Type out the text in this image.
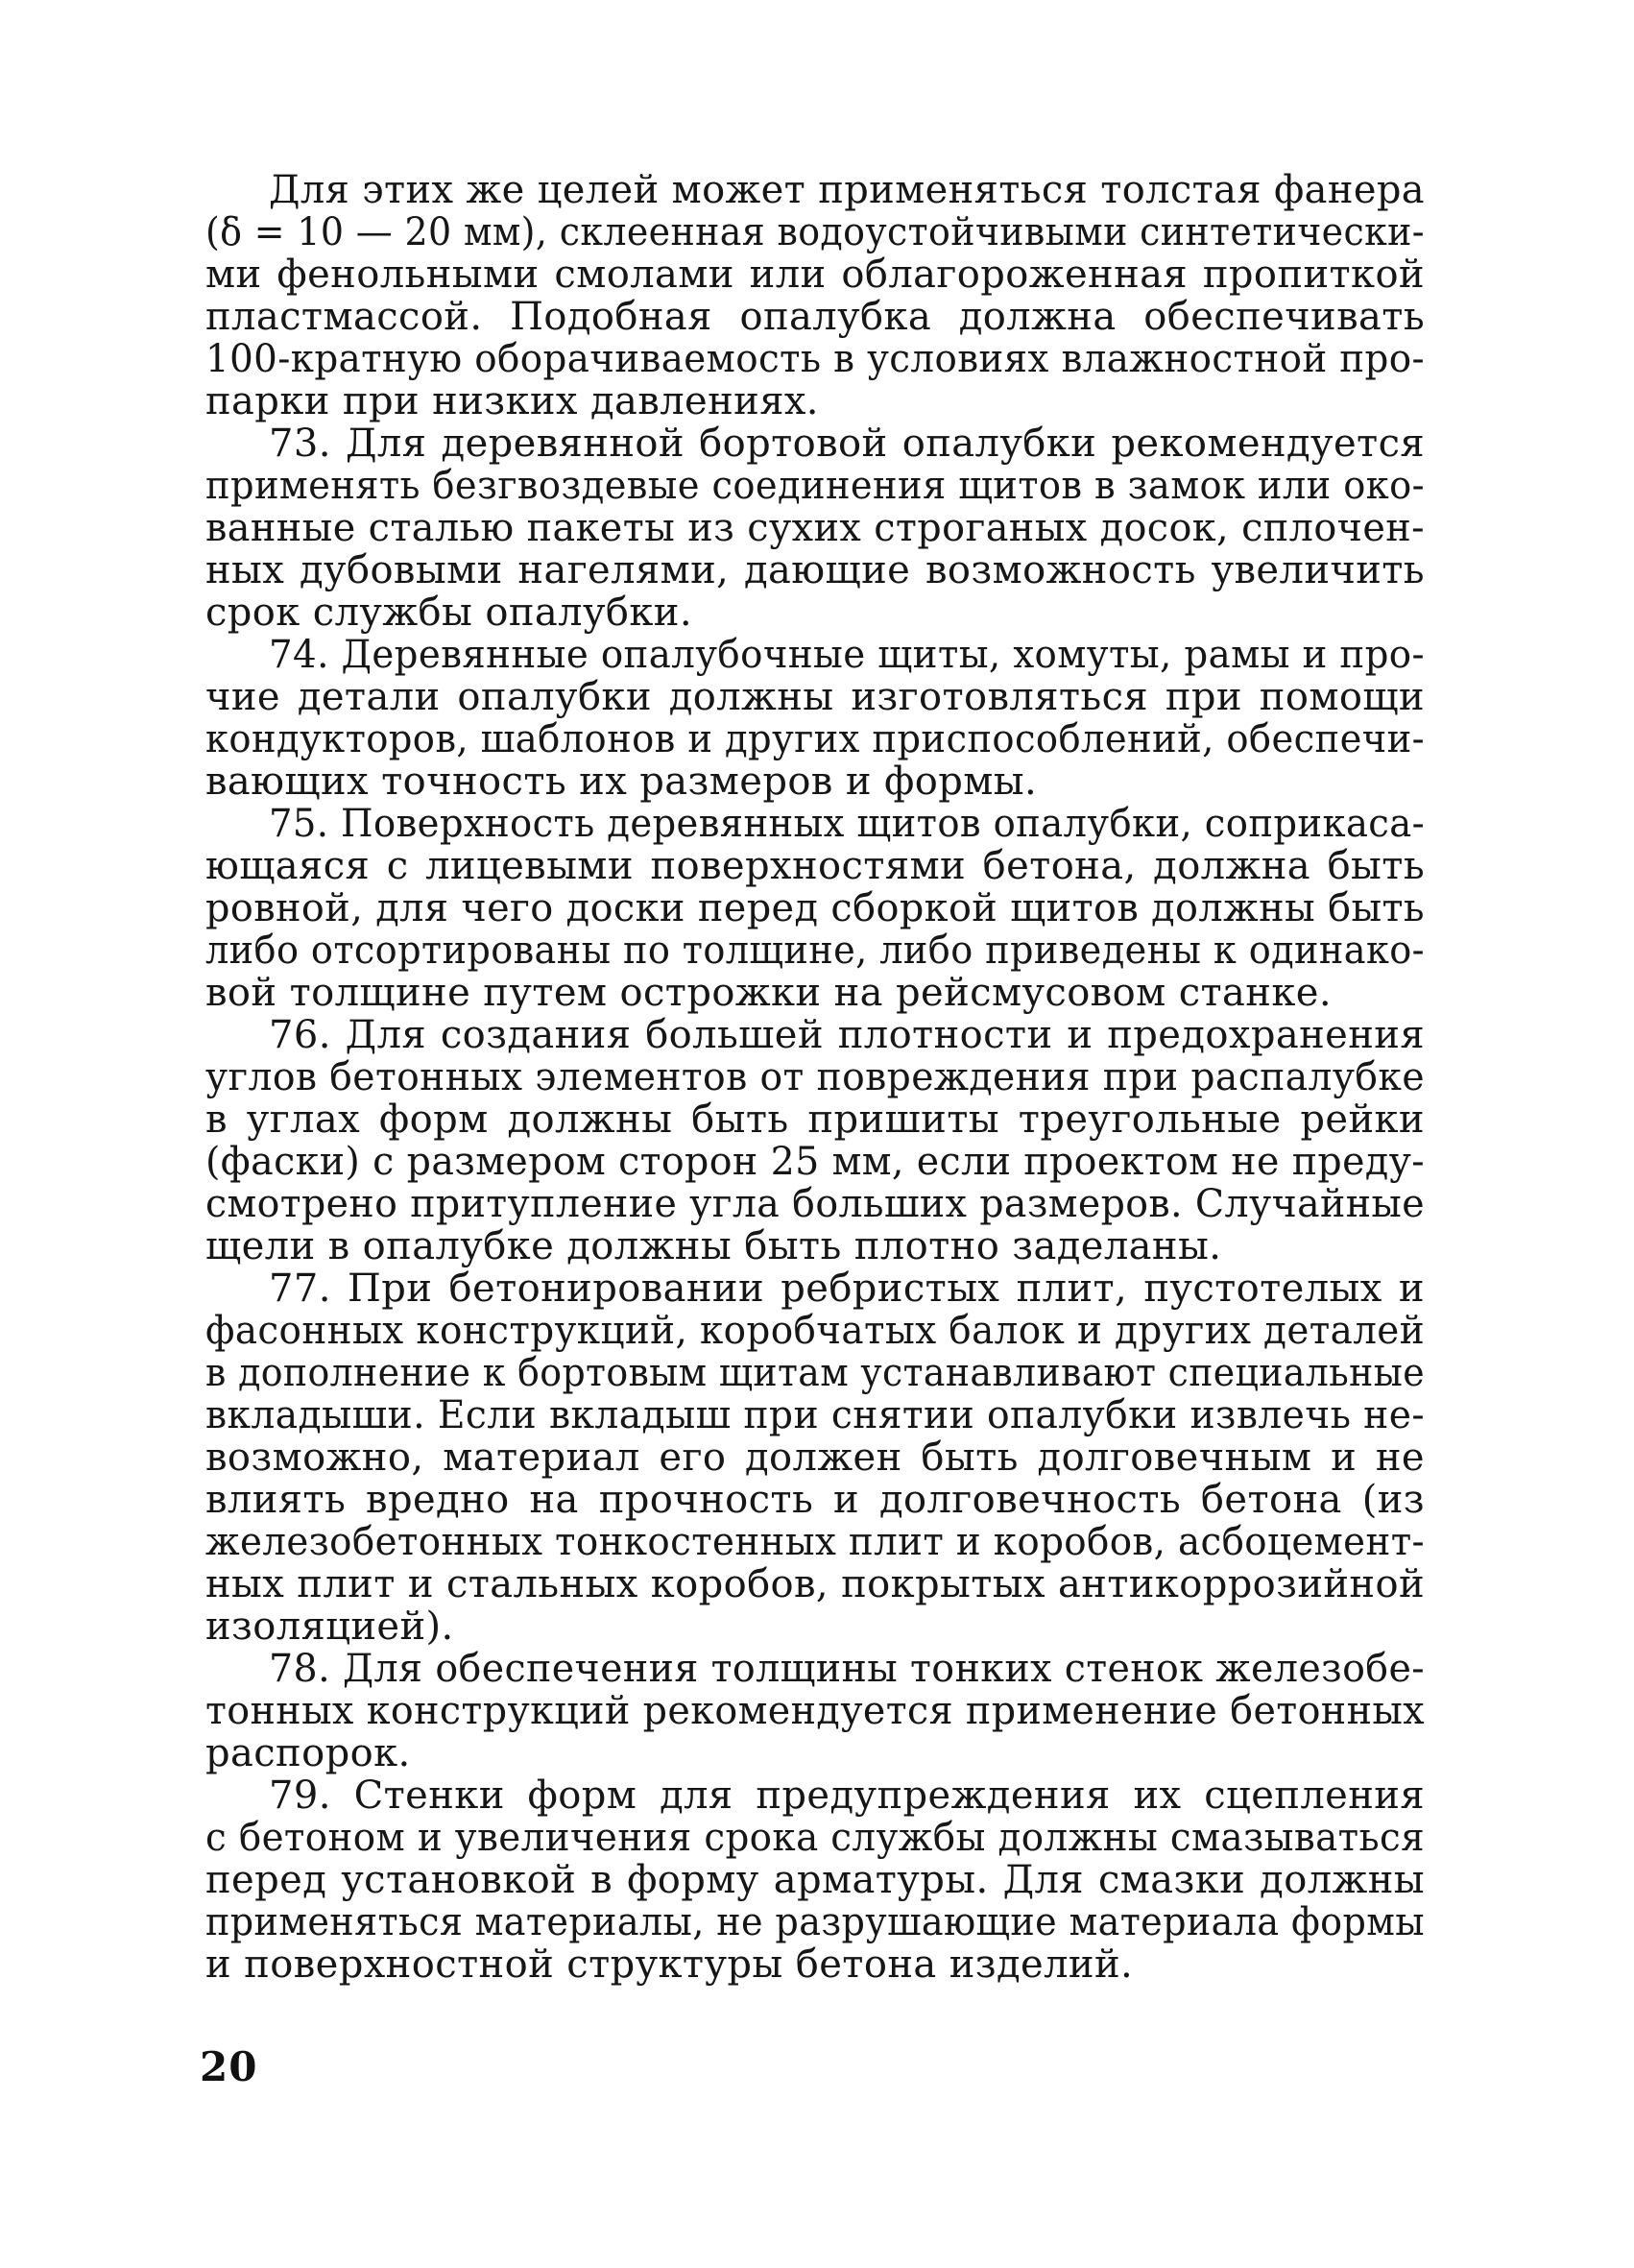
Для этих же целей может применяться толстая фанера
(δ = 10 — 20 мм), склеенная водоустойчивыми синтетически-
ми фенольными смолами или облагороженная пропиткой
пластмассой. Подобная опалубка должна обеспечивать
100-кратную оборачиваемость в условиях влажностной про-
парки при низких давлениях.
73. Для деревянной бортовой опалубки рекомендуется
применять безгвоздевые соединения щитов в замок или око-
ванные сталью пакеты из сухих строганых досок, сплочен-
ных дубовыми нагелями, дающие возможность увеличить
срок службы опалубки.
74. Деревянные опалубочные щиты, хомуты, рамы и про-
чие детали опалубки должны изготовляться при помощи
кондукторов, шаблонов и других приспособлений, обеспечи-
вающих точность их размеров и формы.
75. Поверхность деревянных щитов опалубки, соприкаса-
ющаяся с лицевыми поверхностями бетона, должна быть
ровной, для чего доски перед сборкой щитов должны быть
либо отсортированы по толщине, либо приведены к одинако-
вой толщине путем острожки на рейсмусовом станке.
76. Для создания большей плотности и предохранения
углов бетонных элементов от повреждения при распалубке
в углах форм должны быть пришиты треугольные рейки
(фаски) с размером сторон 25 мм, если проектом не преду-
смотрено притупление угла больших размеров. Случайные
щели в опалубке должны быть плотно заделаны.
77. При бетонировании ребристых плит, пустотелых и
фасонных конструкций, коробчатых балок и других деталей
в дополнение к бортовым щитам устанавливают специальные
вкладыши. Если вкладыш при снятии опалубки извлечь не-
возможно, материал его должен быть долговечным и не
влиять вредно на прочность и долговечность бетона (из
железобетонных тонкостенных плит и коробов, асбоцемент-
ных плит и стальных коробов, покрытых антикоррозийной
изоляцией).
78. Для обеспечения толщины тонких стенок железобе-
тонных конструкций рекомендуется применение бетонных
распорок.
79. Стенки форм для предупреждения их сцепления
с бетоном и увеличения срока службы должны смазываться
перед установкой в форму арматуры. Для смазки должны
применяться материалы, не разрушающие материала формы
и поверхностной структуры бетона изделий.
20
